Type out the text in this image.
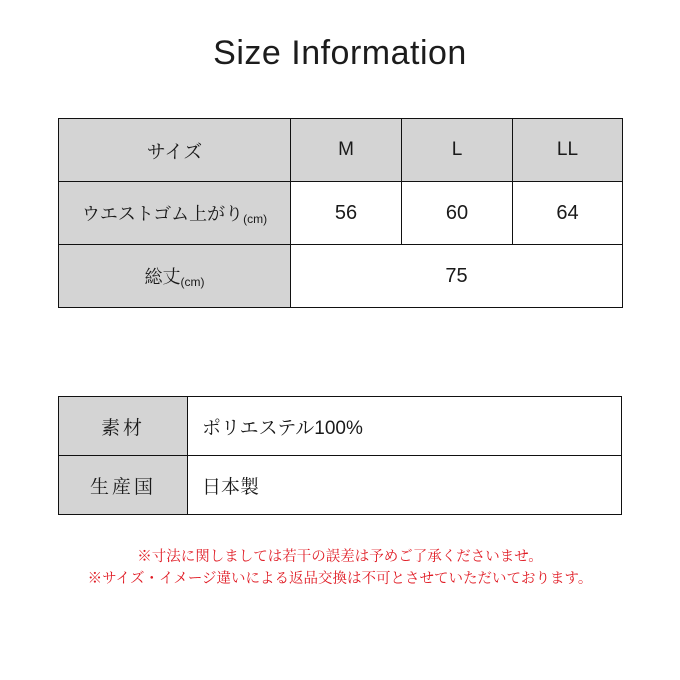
Size Information
サイズ	M	L	LL
ウエストゴム上がり(cm)	56	60	64
総丈(cm)	75		
素材	ポリエステル100%
生産国	日本製
※寸法に関しましては若干の誤差は予めご了承くださいませ。
※サイズ・イメージ違いによる返品交換は不可とさせていただいております。
